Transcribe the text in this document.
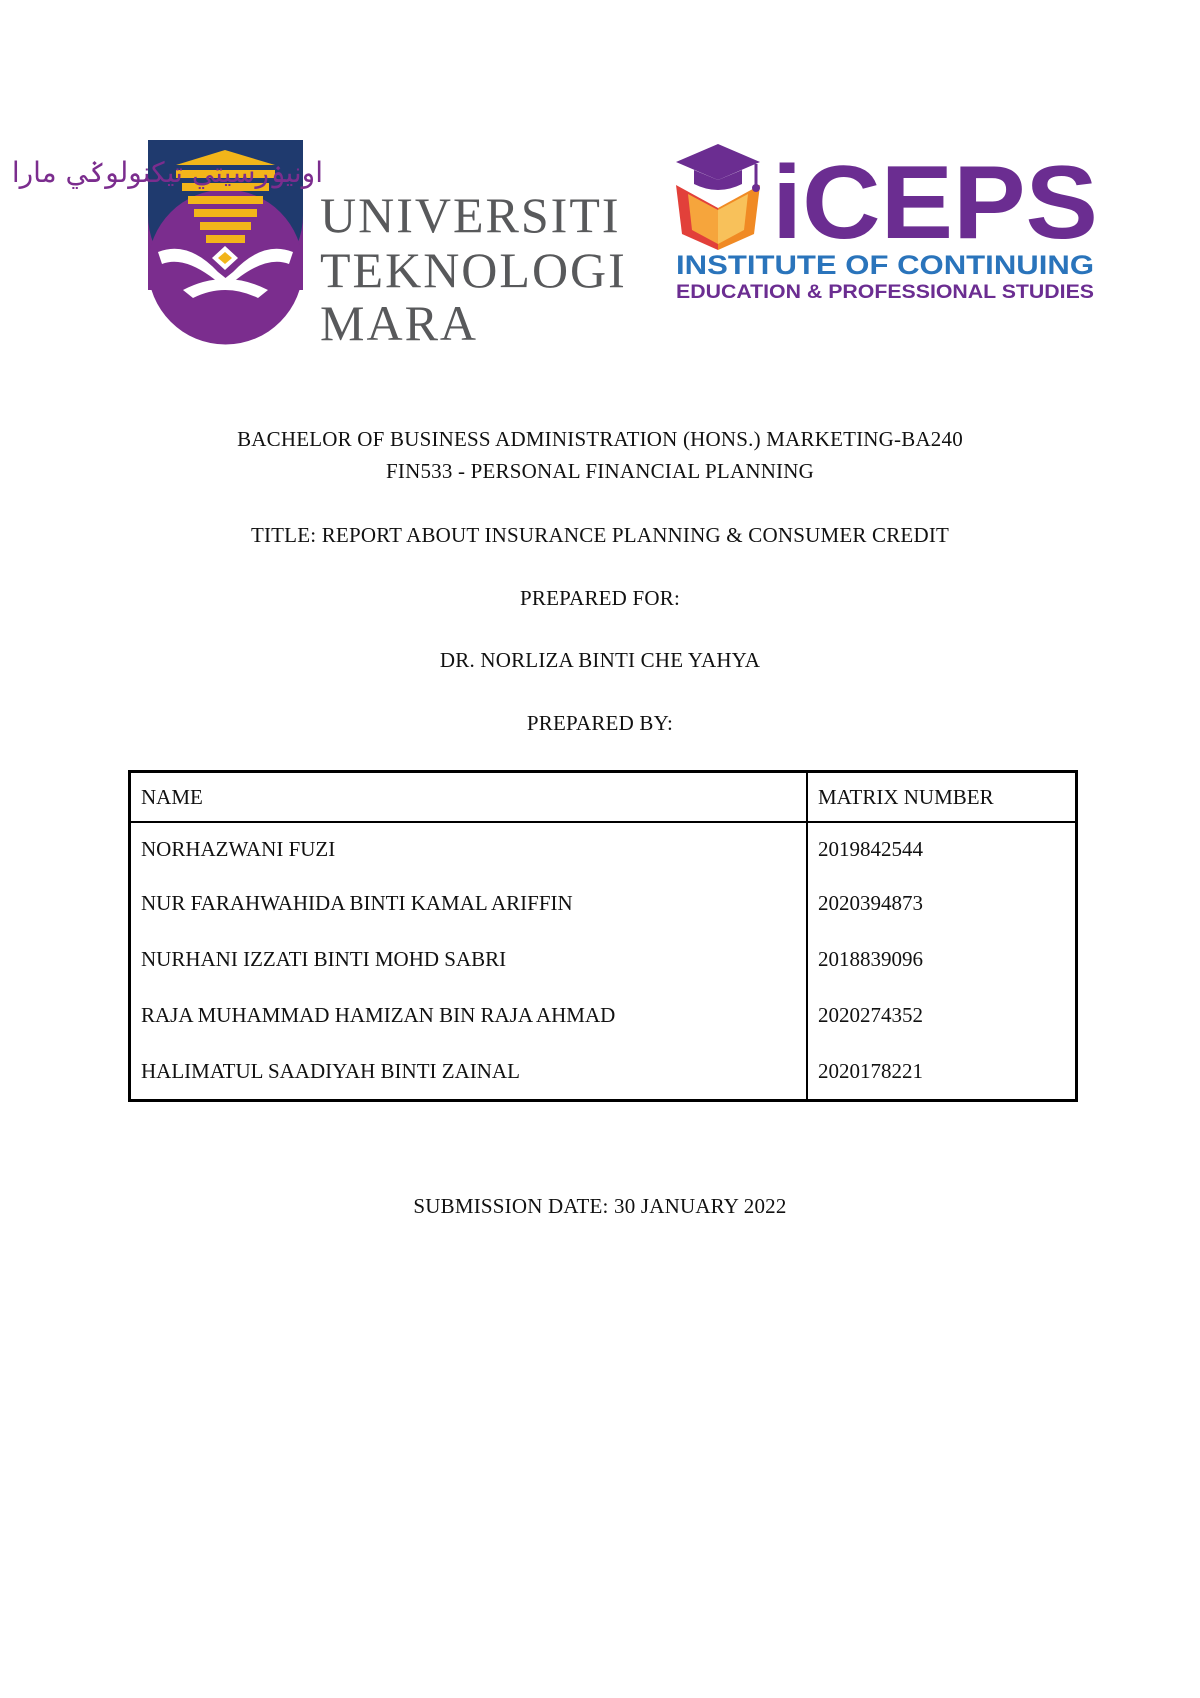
اونيۏرسيتي تيكنولوݢي مارا
UNIVERSITI
TEKNOLOGI
MARA
iCEPS
INSTITUTE OF CONTINUING
EDUCATION & PROFESSIONAL STUDIES
BACHELOR OF BUSINESS ADMINISTRATION (HONS.) MARKETING-BA240
FIN533 - PERSONAL FINANCIAL PLANNING
TITLE: REPORT ABOUT INSURANCE PLANNING & CONSUMER CREDIT
PREPARED FOR:
DR. NORLIZA BINTI CHE YAHYA
PREPARED BY:
NAME	MATRIX NUMBER
NORHAZWANI FUZI	2019842544
NUR FARAHWAHIDA BINTI KAMAL ARIFFIN	2020394873
NURHANI IZZATI BINTI MOHD SABRI	2018839096
RAJA MUHAMMAD HAMIZAN BIN RAJA AHMAD	2020274352
HALIMATUL SAADIYAH BINTI ZAINAL	2020178221
SUBMISSION DATE: 30 JANUARY 2022
